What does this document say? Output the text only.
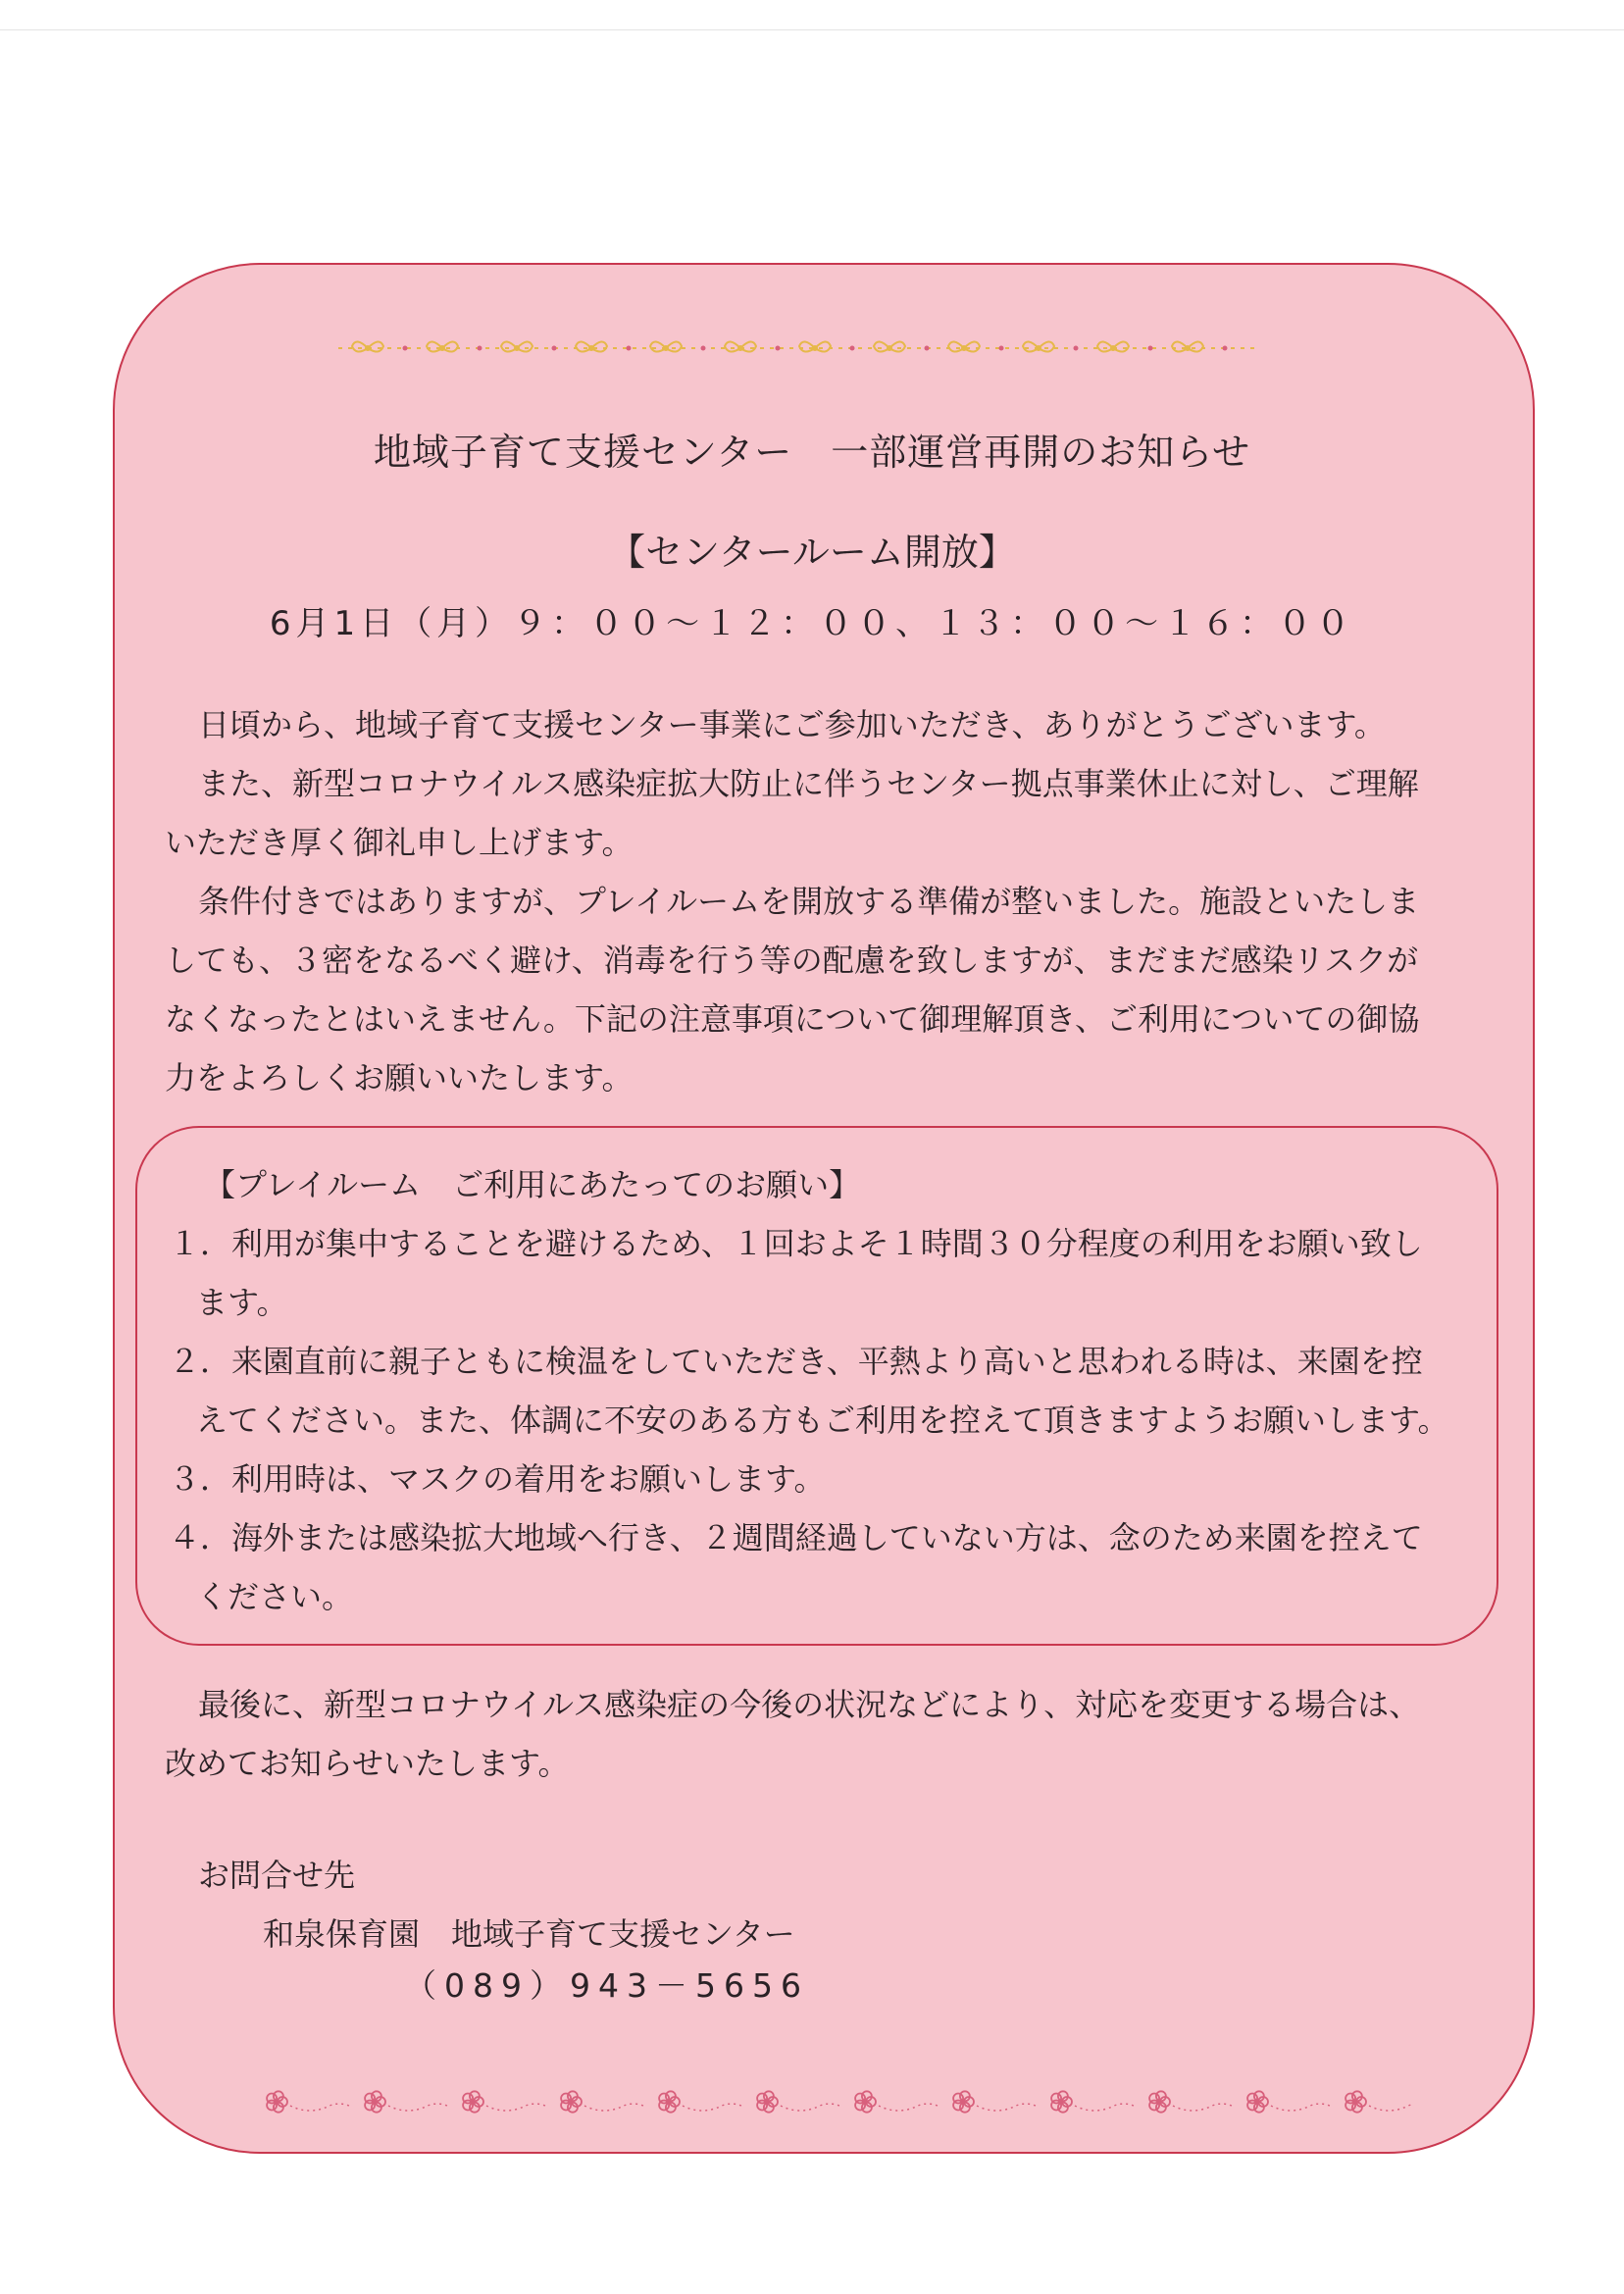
地域子育て支援センター　一部運営再開のお知らせ
【センタールーム開放】
6月1日（月）９：００～１２：００、１３：００～１６：００
日頃から、地域子育て支援センター事業にご参加いただき、ありがとうございます。
また、新型コロナウイルス感染症拡大防止に伴うセンター拠点事業休止に対し、ご理解
いただき厚く御礼申し上げます。
条件付きではありますが、プレイルームを開放する準備が整いました。施設といたしま
しても、３密をなるべく避け、消毒を行う等の配慮を致しますが、まだまだ感染リスクが
なくなったとはいえません。下記の注意事項について御理解頂き、ご利用についての御協
力をよろしくお願いいたします。
【プレイルーム　ご利用にあたってのお願い】
１．利用が集中することを避けるため、１回およそ１時間３０分程度の利用をお願い致し
ます。
２．来園直前に親子ともに検温をしていただき、平熱より高いと思われる時は、来園を控
えてください。また、体調に不安のある方もご利用を控えて頂きますようお願いします。
３．利用時は、マスクの着用をお願いします。
４．海外または感染拡大地域へ行き、２週間経過していない方は、念のため来園を控えて
ください。
最後に、新型コロナウイルス感染症の今後の状況などにより、対応を変更する場合は、
改めてお知らせいたします。
お問合せ先
和泉保育園　地域子育て支援センター
（089）943－5656
